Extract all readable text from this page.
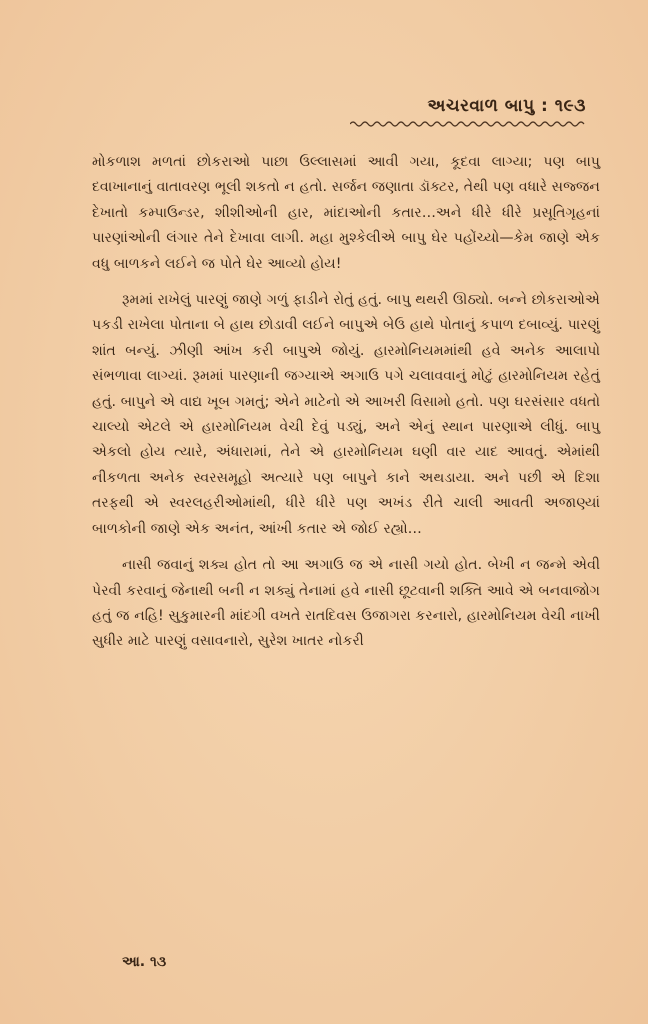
અચરવાળ બાપુ : ૧૯૩

મોકળાશ મળતાં છોકરાઓ પાછા ઉલ્લાસમાં આવી ગયા, કૂદવા લાગ્યા; પણ બાપુ દવાખાનાનું વાતાવરણ ભૂલી શકતો ન હતો. સર્જન જણાતા ડૉક્ટર, તેથી પણ વધારે સજ્જન દેખાતો કમ્પાઉન્ડર, શીશીઓની હાર, માંદાઓની કતાર…અને ધીરે ધીરે પ્રસૂતિગૃહનાં પારણાંઓની લંગાર તેને દેખાવા લાગી. મહા મુશ્કેલીએ બાપુ ઘેર પહોંચ્યો—કેમ જાણે એક વધુ બાળકને લઈને જ પોતે ઘેર આવ્યો હોય!

રૂમમાં રાખેલું પારણું જાણે ગળું ફાડીને રોતું હતું. બાપુ થથરી ઊઠ્યો. બન્ને છોકરાઓએ પકડી રાખેલા પોતાના બે હાથ છોડાવી લઈને બાપુએ બેઉ હાથે પોતાનું કપાળ દબાવ્યું. પારણું શાંત બન્યું. ઝીણી આંખ કરી બાપુએ જોયું. હારમોનિયમમાંથી હવે અનેક આલાપો સંભળાવા લાગ્યાં. રૂમમાં પારણાની જગ્યાએ અગાઉ પગે ચલાવવાનું મોટું હારમોનિયમ રહેતું હતું. બાપુને એ વાદ્ય ખૂબ ગમતું; એને માટેનો એ આખરી વિસામો હતો. પણ ઘરસંસાર વધતો ચાલ્યો એટલે એ હારમોનિયમ વેચી દેવું પડ્યું, અને એનું સ્થાન પારણાએ લીધું. બાપુ એકલો હોય ત્યારે, અંધારામાં, તેને એ હારમોનિયમ ઘણી વાર યાદ આવતું. એમાંથી નીકળતા અનેક સ્વરસમૂહો અત્યારે પણ બાપુને કાને અથડાયા. અને પછી એ દિશા તરફથી એ સ્વરલહરીઓમાંથી, ધીરે ધીરે પણ અખંડ રીતે ચાલી આવતી અજાણ્યાં બાળકોની જાણે એક અનંત, આંખી કતાર એ જોઈ રહ્યો…

નાસી જવાનું શક્ય હોત તો આ અગાઉ જ એ નાસી ગયો હોત. બેખી ન જન્મે એવી પેરવી કરવાનું જેનાથી બની ન શક્યું તેનામાં હવે નાસી છૂટવાની શક્તિ આવે એ બનવાજોગ હતું જ નહિ! સુકુમારની માંદગી વખતે રાતદિવસ ઉજાગરા કરનારો, હારમોનિયમ વેચી નાખી સુધીર માટે પારણું વસાવનારો, સુરેશ ખાતર નોકરી

આ. ૧૩
